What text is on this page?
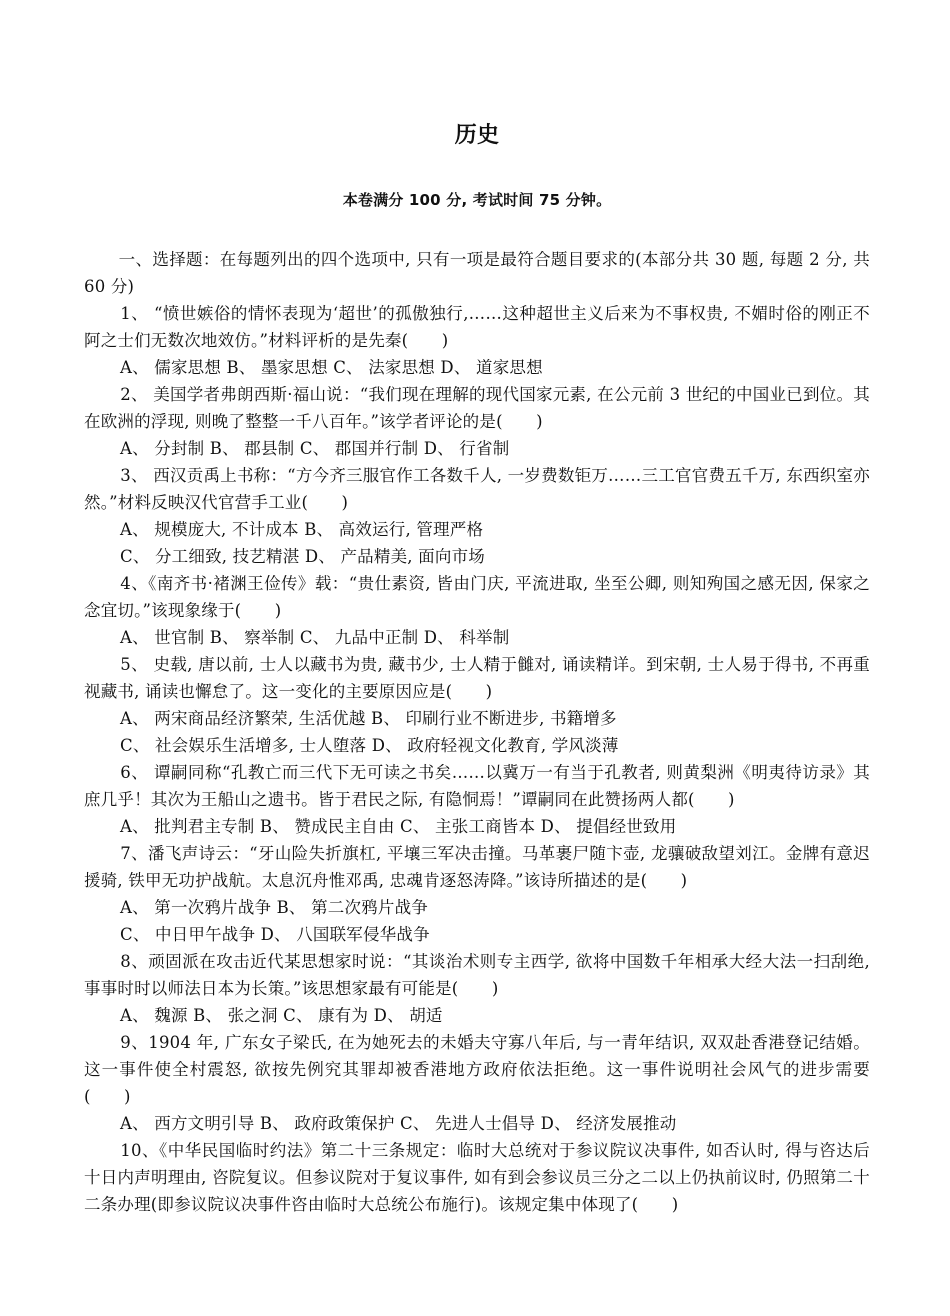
历史
本卷满分 100 分, 考试时间 75 分钟。

一、选择题：在每题列出的四个选项中, 只有一项是最符合题目要求的(本部分共 30 题, 每题 2 分, 共 60 分)

1、 “愤世嫉俗的情怀表现为‘超世’的孤傲独行,……这种超世主义后来为不事权贵, 不媚时俗的刚正不阿之士们无数次地效仿。”材料评析的是先秦(　　)

A、 儒家思想 B、 墨家思想 C、 法家思想 D、 道家思想

2、 美国学者弗朗西斯·福山说：“我们现在理解的现代国家元素, 在公元前 3 世纪的中国业已到位。其在欧洲的浮现, 则晚了整整一千八百年。”该学者评论的是(　　)

A、 分封制 B、 郡县制 C、 郡国并行制 D、 行省制

3、 西汉贡禹上书称：“方今齐三服官作工各数千人, 一岁费数钜万……三工官官费五千万, 东西织室亦然。”材料反映汉代官营手工业(　　)

A、 规模庞大, 不计成本 B、 高效运行, 管理严格

C、 分工细致, 技艺精湛 D、 产品精美, 面向市场

4、《南齐书·褚渊王俭传》载：“贵仕素资, 皆由门庆, 平流进取, 坐至公卿, 则知殉国之感无因, 保家之念宜切。”该现象缘于(　　)

A、 世官制 B、 察举制 C、 九品中正制 D、 科举制

5、 史载, 唐以前, 士人以藏书为贵, 藏书少, 士人精于雠对, 诵读精详。到宋朝, 士人易于得书, 不再重视藏书, 诵读也懈怠了。这一变化的主要原因应是(　　)

A、 两宋商品经济繁荣, 生活优越 B、 印刷行业不断进步, 书籍增多

C、 社会娱乐生活增多, 士人堕落 D、 政府轻视文化教育, 学风淡薄

6、 谭嗣同称“孔教亡而三代下无可读之书矣……以冀万一有当于孔教者, 则黄梨洲《明夷待访录》其庶几乎！其次为王船山之遗书。皆于君民之际, 有隐恫焉！”谭嗣同在此赞扬两人都(　　)

A、 批判君主专制 B、 赞成民主自由 C、 主张工商皆本 D、 提倡经世致用

7、潘飞声诗云：“牙山险失折旗杠, 平壤三军决击撞。马革裹尸随卞壶, 龙骧破敌望刘江。金牌有意迟援骑, 铁甲无功护战航。太息沉舟惟邓禹, 忠魂肯逐怒涛降。”该诗所描述的是(　　)

A、 第一次鸦片战争 B、 第二次鸦片战争

C、 中日甲午战争 D、 八国联军侵华战争

8、顽固派在攻击近代某思想家时说：“其谈治术则专主西学, 欲将中国数千年相承大经大法一扫刮绝, 事事时时以师法日本为长策。”该思想家最有可能是(　　)

A、 魏源 B、 张之洞 C、 康有为 D、 胡适

9、1904 年, 广东女子梁氏, 在为她死去的未婚夫守寡八年后, 与一青年结识, 双双赴香港登记结婚。这一事件使全村震怒, 欲按先例究其罪却被香港地方政府依法拒绝。这一事件说明社会风气的进步需要(　　)

A、 西方文明引导 B、 政府政策保护 C、 先进人士倡导 D、 经济发展推动

10、《中华民国临时约法》第二十三条规定：临时大总统对于参议院议决事件, 如否认时, 得与咨达后十日内声明理由, 咨院复议。但参议院对于复议事件, 如有到会参议员三分之二以上仍执前议时, 仍照第二十二条办理(即参议院议决事件咨由临时大总统公布施行)。该规定集中体现了(　　)
